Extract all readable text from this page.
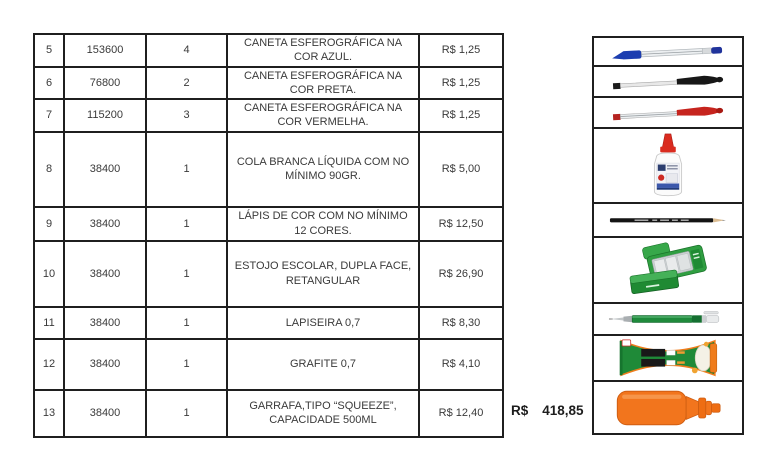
5	153600	4	CANETA ESFEROGRÁFICA NA
COR AZUL.	R$ 1,25
6	76800	2	CANETA ESFEROGRÁFICA NA
COR PRETA.	R$ 1,25
7	115200	3	CANETA ESFEROGRÁFICA NA
COR VERMELHA.	R$ 1,25
8	38400	1	COLA BRANCA LÍQUIDA COM NO
MÍNIMO 90GR.	R$ 5,00
9	38400	1	LÁPIS DE COR COM NO MÍNIMO
12 CORES.	R$ 12,50
10	38400	1	ESTOJO ESCOLAR, DUPLA FACE,
RETANGULAR	R$ 26,90
11	38400	1	LAPISEIRA 0,7	R$ 8,30
12	38400	1	GRAFITE 0,7	R$ 4,10
13	38400	1	GARRAFA,TIPO “SQUEEZE”,
CAPACIDADE 500ML	R$ 12,40 R$ 418,85
